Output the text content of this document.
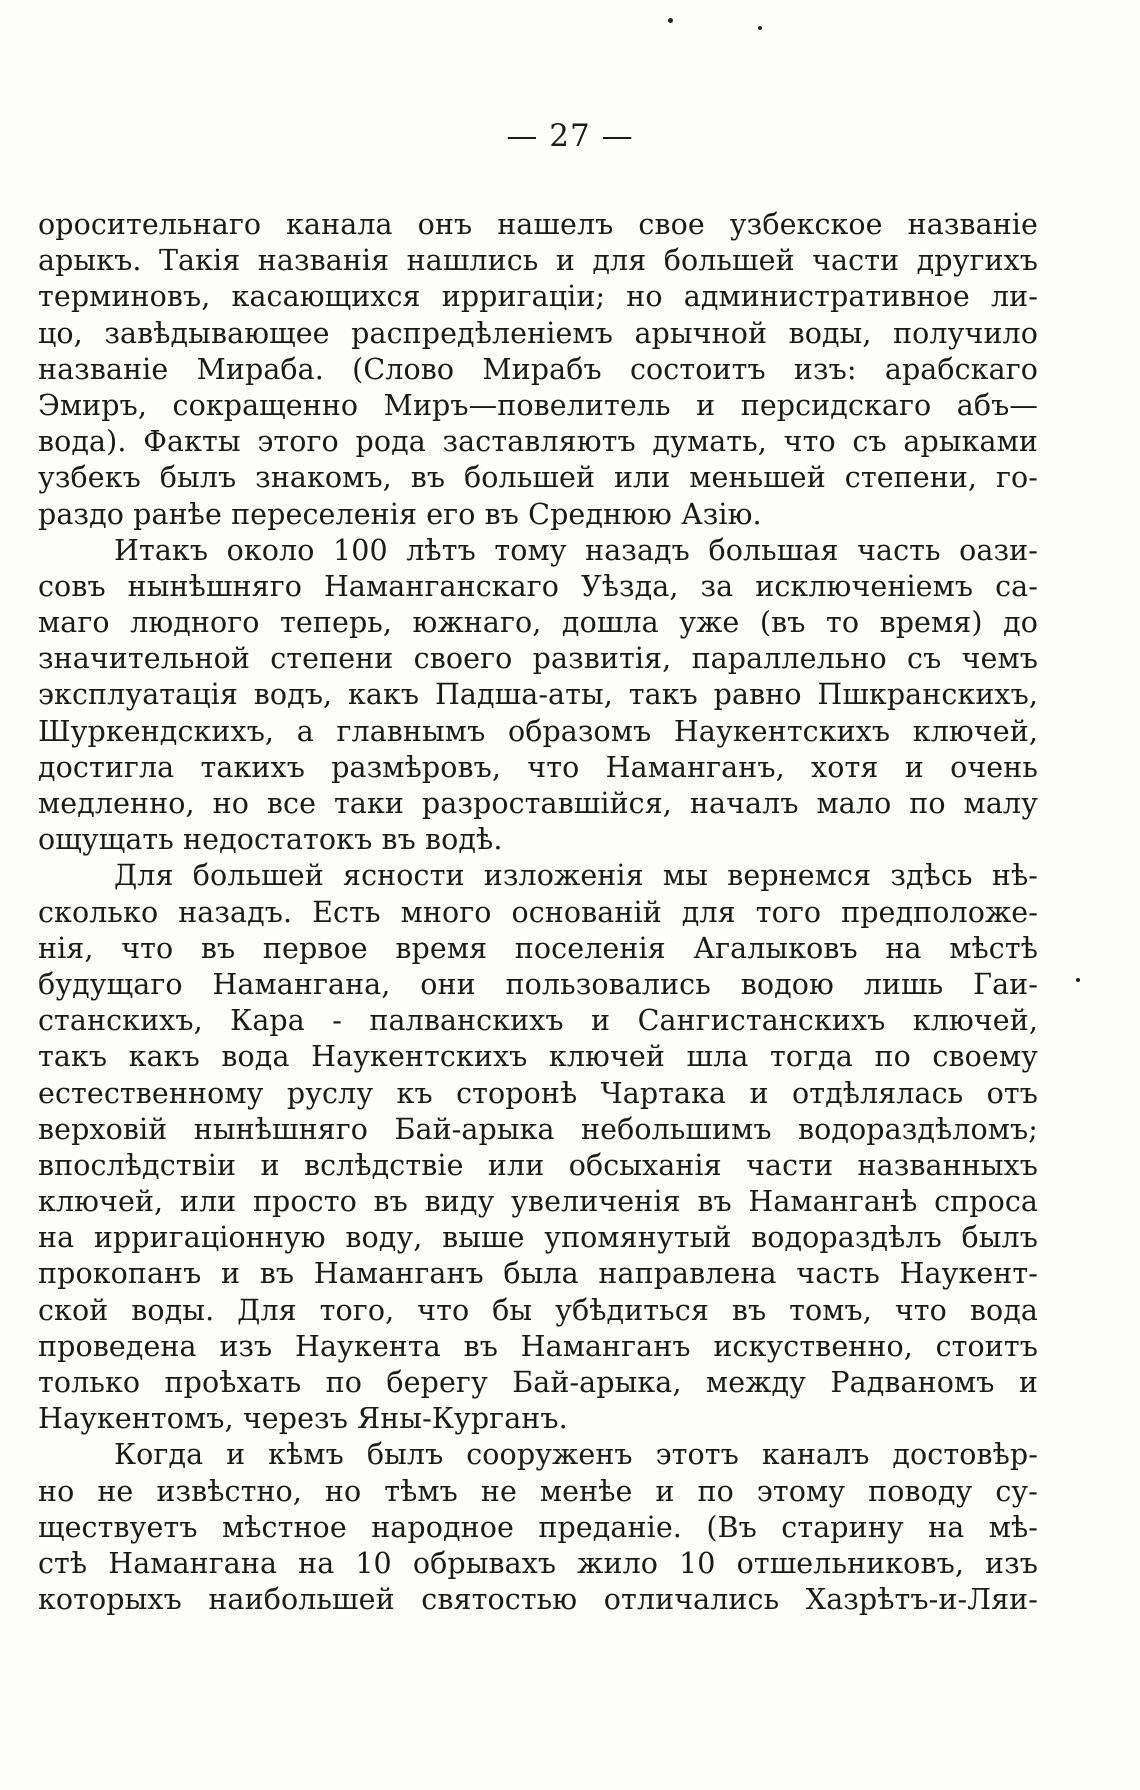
— 27 —
оросительнаго канала онъ нашелъ свое узбекское названіе
арыкъ. Такія названія нашлись и для большей части другихъ
терминовъ, касающихся ирригаціи; но административное ли-
цо, завѣдывающее распредѣленіемъ арычной воды, получило
названіе Мираба. (Слово Мирабъ состоитъ изъ: арабскаго
Эмиръ, сокращенно Миръ—повелитель и персидскаго абъ—
вода). Факты этого рода заставляютъ думать, что съ арыками
узбекъ былъ знакомъ, въ большей или меньшей степени, го-
раздо ранѣе переселенія его въ Среднюю Азію.
Итакъ около 100 лѣтъ тому назадъ большая часть оази-
совъ нынѣшняго Наманганскаго Уѣзда, за исключеніемъ са-
маго людного теперь, южнаго, дошла уже (въ то время) до
значительной степени своего развитія, параллельно съ чемъ
эксплуатація водъ, какъ Падша-аты, такъ равно Пшкранскихъ,
Шуркендскихъ, а главнымъ образомъ Наукентскихъ ключей,
достигла такихъ размѣровъ, что Наманганъ, хотя и очень
медленно, но все таки разроставшійся, началъ мало по малу
ощущать недостатокъ въ водѣ.
Для большей ясности изложенія мы вернемся здѣсь нѣ-
сколько назадъ. Есть много основаній для того предположе-
нія, что въ первое время поселенія Агалыковъ на мѣстѣ
будущаго Намангана, они пользовались водою лишь Гаи-
станскихъ, Кара - палванскихъ и Сангистанскихъ ключей,
такъ какъ вода Наукентскихъ ключей шла тогда по своему
естественному руслу къ сторонѣ Чартака и отдѣлялась отъ
верховій нынѣшняго Бай-арыка небольшимъ водораздѣломъ;
впослѣдствіи и вслѣдствіе или обсыханія части названныхъ
ключей, или просто въ виду увеличенія въ Наманганѣ спроса
на ирригаціонную воду, выше упомянутый водораздѣлъ былъ
прокопанъ и въ Наманганъ была направлена часть Наукент-
ской воды. Для того, что бы убѣдиться въ томъ, что вода
проведена изъ Наукента въ Наманганъ искуственно, стоитъ
только проѣхать по берегу Бай-арыка, между Радваномъ и
Наукентомъ, черезъ Яны-Курганъ.
Когда и кѣмъ былъ сооруженъ этотъ каналъ достовѣр-
но не извѣстно, но тѣмъ не менѣе и по этому поводу су-
ществуетъ мѣстное народное преданіе. (Въ старину на мѣ-
стѣ Намангана на 10 обрывахъ жило 10 отшельниковъ, изъ
которыхъ наибольшей святостью отличались Хазрѣтъ-и-Ляи-
